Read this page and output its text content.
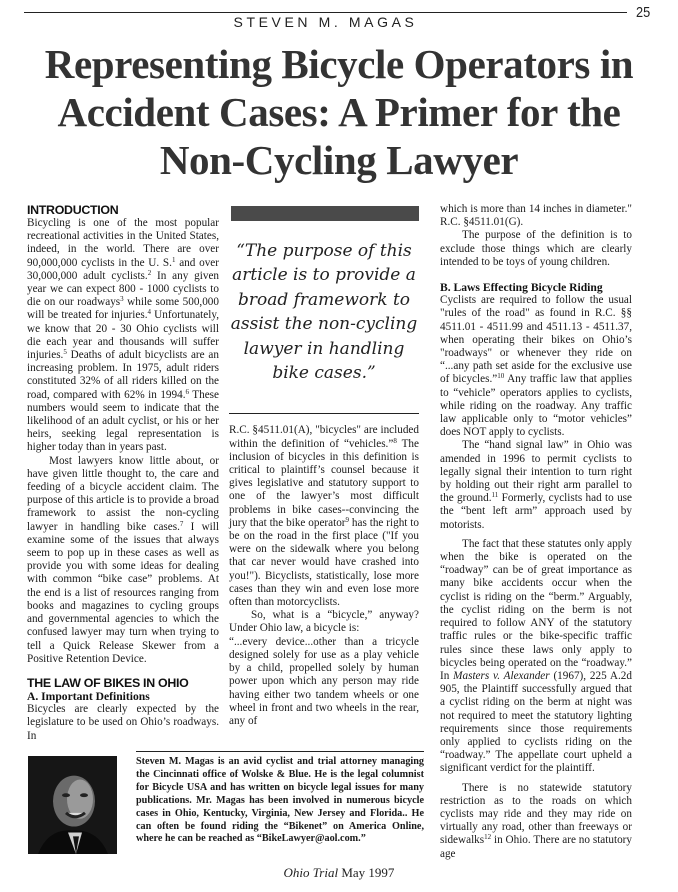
STEVEN M. MAGAS
25
Representing Bicycle Operators in
Accident Cases: A Primer for the
Non-Cycling Lawyer
INTRODUCTION

Bicycling is one of the most popular recreational activities in the United States, indeed, in the world. There are over 90,000,000 cyclists in the U. S.$^1$ and over 30,000,000 adult cyclists.$^2$ In any given year we can expect 800 - 1000 cyclists to die on our roadways$^3$ while some 500,000 will be treated for injuries.$^4$ Unfortunately, we know that 20 - 30 Ohio cyclists will die each year and thousands will suffer injuries.$^5$ Deaths of adult bicyclists are an increasing problem. In 1975, adult riders constituted 32% of all riders killed on the road, compared with 62% in 1994.$^6$ These numbers would seem to indicate that the likelihood of an adult cyclist, or his or her heirs, seeking legal representation is higher today than in years past.

Most lawyers know little about, or have given little thought to, the care and feeding of a bicycle accident claim. The purpose of this article is to provide a broad framework to assist the non-cycling lawyer in handling bike cases.$^7$ I will examine some of the issues that always seem to pop up in these cases as well as provide you with some ideas for dealing with common “bike case” problems. At the end is a list of resources ranging from books and magazines to cycling groups and governmental agencies to which the confused lawyer may turn when trying to tell a Quick Release Skewer from a Positive Retention Device.

THE LAW OF BIKES IN OHIO
A. Important Definitions

Bicycles are clearly expected by the legislature to be used on Ohio’s roadways. In

“The purpose of this article is to provide a broad framework to assist the non-cycling lawyer in handling bike cases.”

R.C. §4511.01(A), "bicycles" are included within the definition of “vehicles.”$^8$ The inclusion of bicycles in this definition is critical to plaintiff’s counsel because it gives legislative and statutory support to one of the lawyer’s most difficult problems in bike cases--convincing the jury that the bike operator$^9$ has the right to be on the road in the first place ("If you were on the sidewalk where you belong that car never would have crashed into you!"). Bicyclists, statistically, lose more cases than they win and even lose more often than motorcyclists.

So, what is a “bicycle,” anyway? Under Ohio law, a bicycle is:

“...every device...other than a tricycle designed solely for use as a play vehicle by a child, propelled solely by human power upon which any person may ride having either two tandem wheels or one wheel in front and two wheels in the rear, any of

which is more than 14 inches in diameter." R.C. §4511.01(G).

The purpose of the definition is to exclude those things which are clearly intended to be toys of young children.

B. Laws Effecting Bicycle Riding

Cyclists are required to follow the usual "rules of the road" as found in R.C. §§ 4511.01 - 4511.99 and 4511.13 - 4511.37, when operating their bikes on Ohio’s "roadways" or whenever they ride on “...any path set aside for the exclusive use of bicycles.”$^{10}$ Any traffic law that applies to “vehicle” operators applies to cyclists, while riding on the roadway. Any traffic law applicable only to “motor vehicles” does NOT apply to cyclists.

The “hand signal law” in Ohio was amended in 1996 to permit cyclists to legally signal their intention to turn right by holding out their right arm parallel to the ground.$^{11}$ Formerly, cyclists had to use the “bent left arm” approach used by motorists.

The fact that these statutes only apply when the bike is operated on the “roadway” can be of great importance as many bike accidents occur when the cyclist is riding on the “berm.” Arguably, the cyclist riding on the berm is not required to follow ANY of the statutory traffic rules or the bike-specific traffic rules since these laws only apply to bicycles being operated on the “roadway.” In Masters v. Alexander (1967), 225 A.2d 905, the Plaintiff successfully argued that a cyclist riding on the berm at night was not required to meet the statutory lighting requirements since those requirements only applied to cyclists riding on the “roadway.” The appellate court upheld a significant verdict for the plaintiff.

There is no statewide statutory restriction as to the roads on which cyclists may ride and they may ride on virtually any road, other than freeways or sidewalks$^{12}$ in Ohio. There are no statutory age

Steven M. Magas is an avid cyclist and trial attorney managing the Cincinnati office of Wolske & Blue. He is the legal columnist for Bicycle USA and has written on bicycle legal issues for many publications. Mr. Magas has been involved in numerous bicycle cases in Ohio, Kentucky, Virginia, New Jersey and Florida.. He can often be found riding the “Bikenet” on America Online, where he can be reached as “BikeLawyer@aol.com.”

Ohio Trial May 1997
